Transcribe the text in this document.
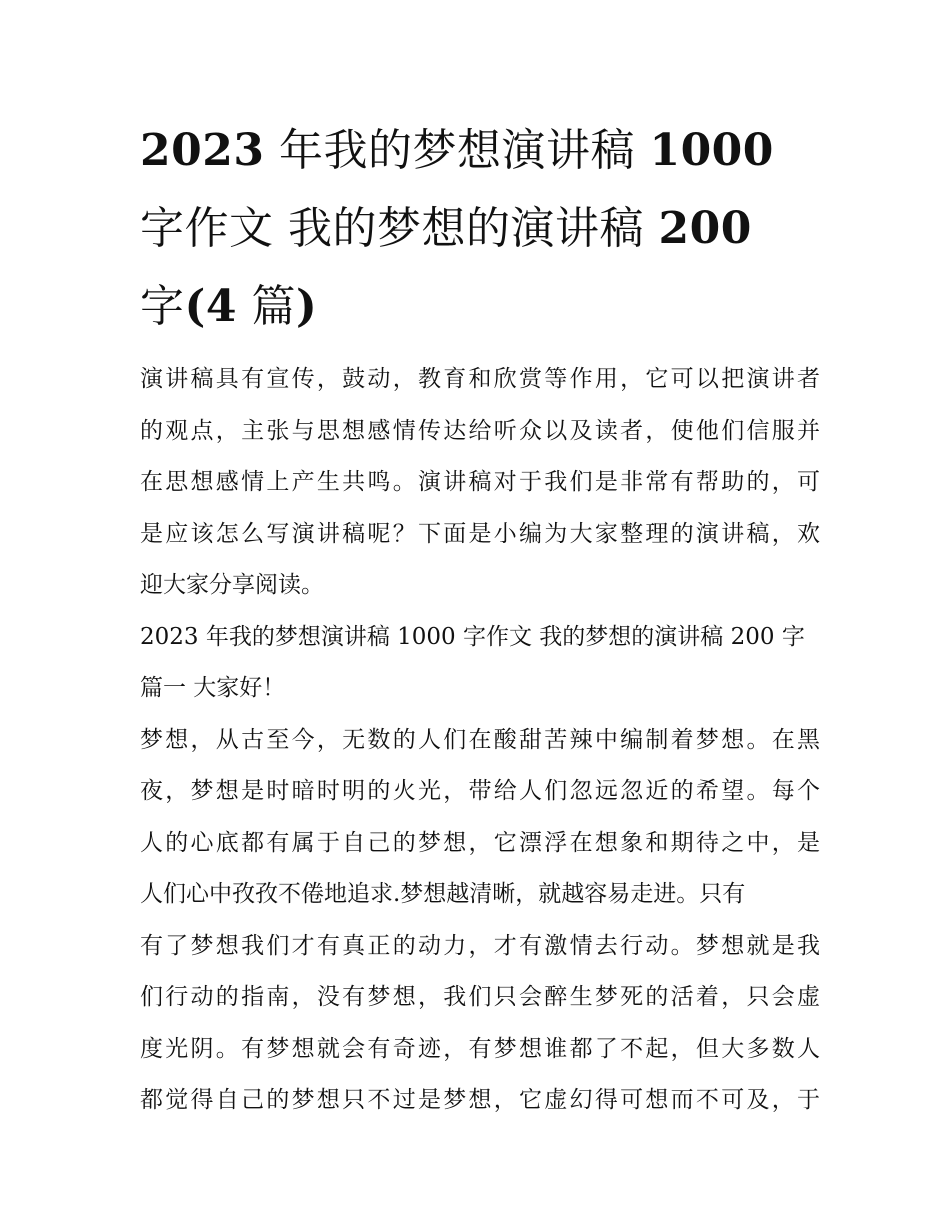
2023 年我的梦想演讲稿 1000
字作文 我的梦想的演讲稿 200
字(4 篇)
演讲稿具有宣传，鼓动，教育和欣赏等作用，它可以把演讲者
的观点，主张与思想感情传达给听众以及读者，使他们信服并
在思想感情上产生共鸣。演讲稿对于我们是非常有帮助的，可
是应该怎么写演讲稿呢？下面是小编为大家整理的演讲稿，欢
迎大家分享阅读。
2023 年我的梦想演讲稿 1000 字作文 我的梦想的演讲稿 200 字
篇一 大家好！
梦想，从古至今，无数的人们在酸甜苦辣中编制着梦想。在黑
夜，梦想是时暗时明的火光，带给人们忽远忽近的希望。每个
人的心底都有属于自己的梦想，它漂浮在想象和期待之中，是
人们心中孜孜不倦地追求.梦想越清晰，就越容易走进。只有
有了梦想我们才有真正的动力，才有激情去行动。梦想就是我
们行动的指南，没有梦想，我们只会醉生梦死的活着，只会虚
度光阴。有梦想就会有奇迹，有梦想谁都了不起，但大多数人
都觉得自己的梦想只不过是梦想，它虚幻得可想而不可及，于
